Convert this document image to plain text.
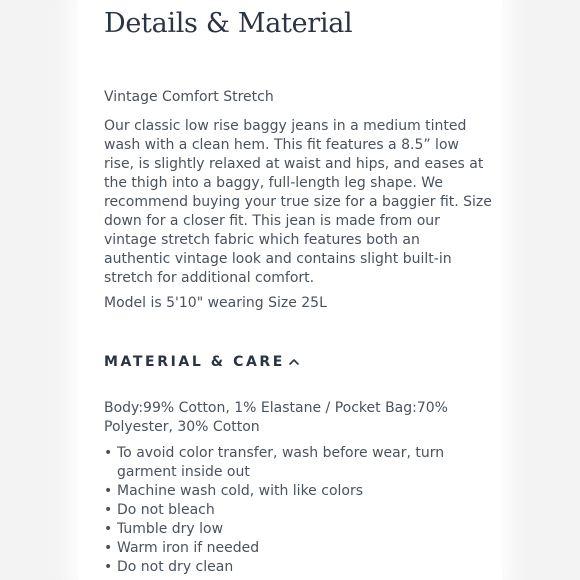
Details & Material
Vintage Comfort Stretch

Our classic low rise baggy jeans in a medium tinted
wash with a clean hem. This fit features a 8.5” low
rise, is slightly relaxed at waist and hips, and eases at
the thigh into a baggy, full-length leg shape. We
recommend buying your true size for a baggier fit. Size
down for a closer fit. This jean is made from our
vintage stretch fabric which features both an
authentic vintage look and contains slight built-in
stretch for additional comfort.

Model is 5'10" wearing Size 25L
MATERIAL & CARE
Body:99% Cotton, 1% Elastane / Pocket Bag:70%
Polyester, 30% Cotton
• To avoid color transfer, wash before wear, turn
garment inside out
• Machine wash cold, with like colors
• Do not bleach
• Tumble dry low
• Warm iron if needed
• Do not dry clean
